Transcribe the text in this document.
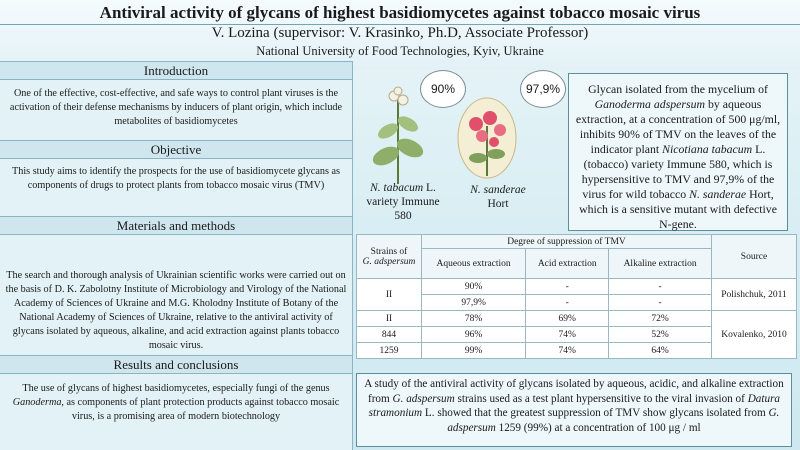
Antiviral activity of glycans of highest basidiomycetes against tobacco mosaic virus
V. Lozina (supervisor: V. Krasinko, Ph.D, Associate Professor)
National University of Food Technologies, Kyiv, Ukraine
Introduction
One of the effective, cost-effective, and safe ways to control plant viruses is the activation of their defense mechanisms by inducers of plant origin, which include metabolites of basidiomycetes
Objective
This study aims to identify the prospects for the use of basidiomycete glycans as components of drugs to protect plants from tobacco mosaic virus (TMV)
Materials and methods
The search and thorough analysis of Ukrainian scientific works were carried out on the basis of D. K. Zabolotny Institute of Microbiology and Virology of the National Academy of Sciences of Ukraine and M.G. Kholodny Institute of Botany of the National Academy of Sciences of Ukraine, relative to the antiviral activity of glycans isolated by aqueous, alkaline, and acid extraction against plants tobacco mosaic virus.
Results and conclusions
The use of glycans of highest basidiomycetes, especially fungi of the genus Ganoderma, as components of plant protection products against tobacco mosaic virus, is a promising area of modern biotechnology
90%
N. tabacum L. variety Immune 580
97,9%
N. sanderae
Hort
Glycan isolated from the mycelium of Ganoderma adspersum by aqueous extraction, at a concentration of 500 μg/ml, inhibits 90% of TMV on the leaves of the indicator plant Nicotiana tabacum L. (tobacco) variety Immune 580, which is hypersensitive to TMV and 97,9% of the virus for wild tobacco N. sanderae Hort, which is a sensitive mutant with defective N-gene.
Strains of
G. adspersum	Degree of suppression of TMV			Source
	Aqueous extraction	Acid extraction	Alkaline extraction	
II	90%	-	-	Polishchuk, 2011
	97,9%	-	-	
II	78%	69%	72%	Kovalenko, 2010
844	96%	74%	52%	
1259	99%	74%	64%	
A study of the antiviral activity of glycans isolated by aqueous, acidic, and alkaline extraction from G. adspersum strains used as a test plant hypersensitive to the viral invasion of Datura stramonium L. showed that the greatest suppression of TMV show glycans isolated from G. adspersum 1259 (99%) at a concentration of 100 μg / ml
